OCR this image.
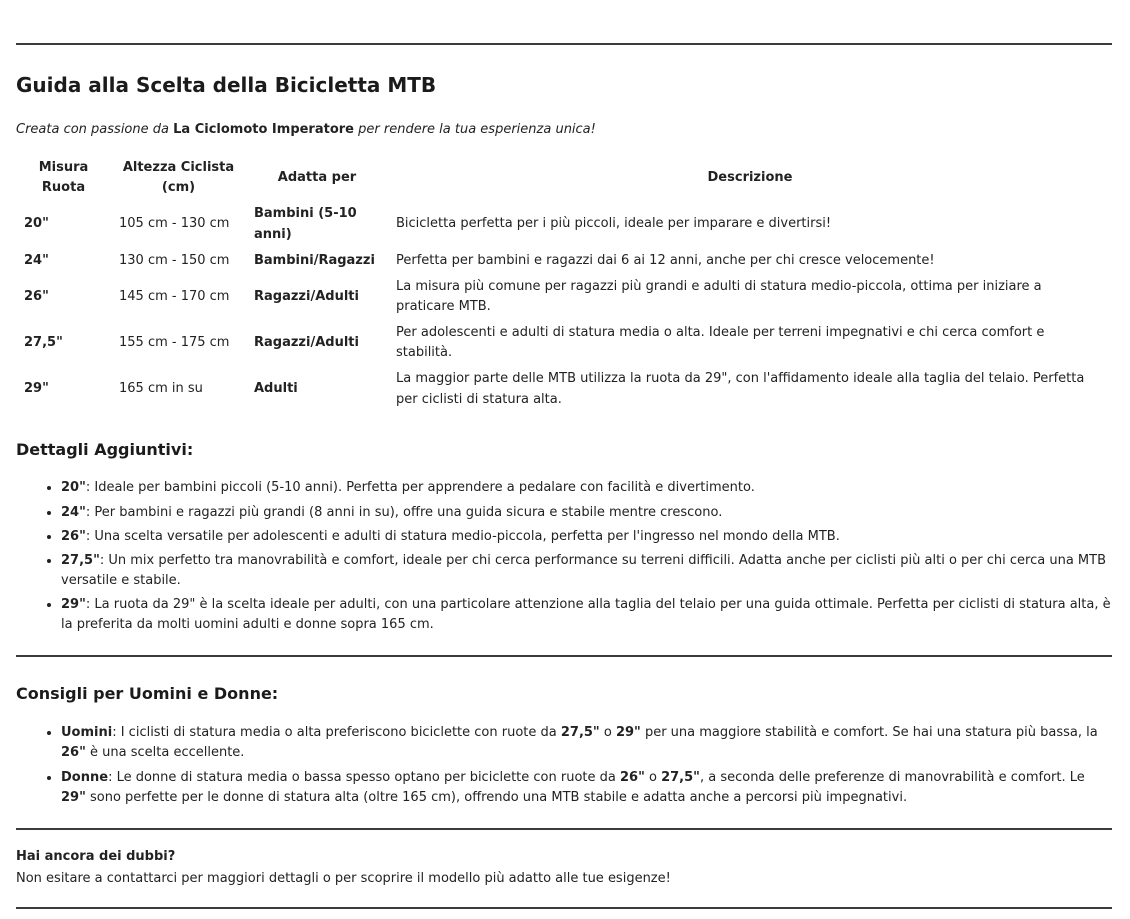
Guida alla Scelta della Bicicletta MTB

Creata con passione da La Ciclomoto Imperatore per rendere la tua esperienza unica!

Misura Ruota	Altezza Ciclista (cm)	Adatta per	Descrizione
20"	105 cm - 130 cm	Bambini (5-10 anni)	Bicicletta perfetta per i più piccoli, ideale per imparare e divertirsi!
24"	130 cm - 150 cm	Bambini/Ragazzi	Perfetta per bambini e ragazzi dai 6 ai 12 anni, anche per chi cresce velocemente!
26"	145 cm - 170 cm	Ragazzi/Adulti	La misura più comune per ragazzi più grandi e adulti di statura medio-piccola, ottima per iniziare a praticare MTB.
27,5"	155 cm - 175 cm	Ragazzi/Adulti	Per adolescenti e adulti di statura media o alta. Ideale per terreni impegnativi e chi cerca comfort e stabilità.
29"	165 cm in su	Adulti	La maggior parte delle MTB utilizza la ruota da 29", con l'affidamento ideale alla taglia del telaio. Perfetta per ciclisti di statura alta.
Dettagli Aggiuntivi:
• 20": Ideale per bambini piccoli (5-10 anni). Perfetta per apprendere a pedalare con facilità e divertimento.
• 24": Per bambini e ragazzi più grandi (8 anni in su), offre una guida sicura e stabile mentre crescono.
• 26": Una scelta versatile per adolescenti e adulti di statura medio-piccola, perfetta per l'ingresso nel mondo della MTB.
• 27,5": Un mix perfetto tra manovrabilità e comfort, ideale per chi cerca performance su terreni difficili. Adatta anche per ciclisti più alti o per chi cerca una MTB versatile e stabile.
• 29": La ruota da 29" è la scelta ideale per adulti, con una particolare attenzione alla taglia del telaio per una guida ottimale. Perfetta per ciclisti di statura alta, è la preferita da molti uomini adulti e donne sopra 165 cm.
Consigli per Uomini e Donne:
• Uomini: I ciclisti di statura media o alta preferiscono biciclette con ruote da 27,5" o 29" per una maggiore stabilità e comfort. Se hai una statura più bassa, la 26" è una scelta eccellente.
• Donne: Le donne di statura media o bassa spesso optano per biciclette con ruote da 26" o 27,5", a seconda delle preferenze di manovrabilità e comfort. Le 29" sono perfette per le donne di statura alta (oltre 165 cm), offrendo una MTB stabile e adatta anche a percorsi più impegnativi.

Hai ancora dei dubbi?

Non esitare a contattarci per maggiori dettagli o per scoprire il modello più adatto alle tue esigenze!
